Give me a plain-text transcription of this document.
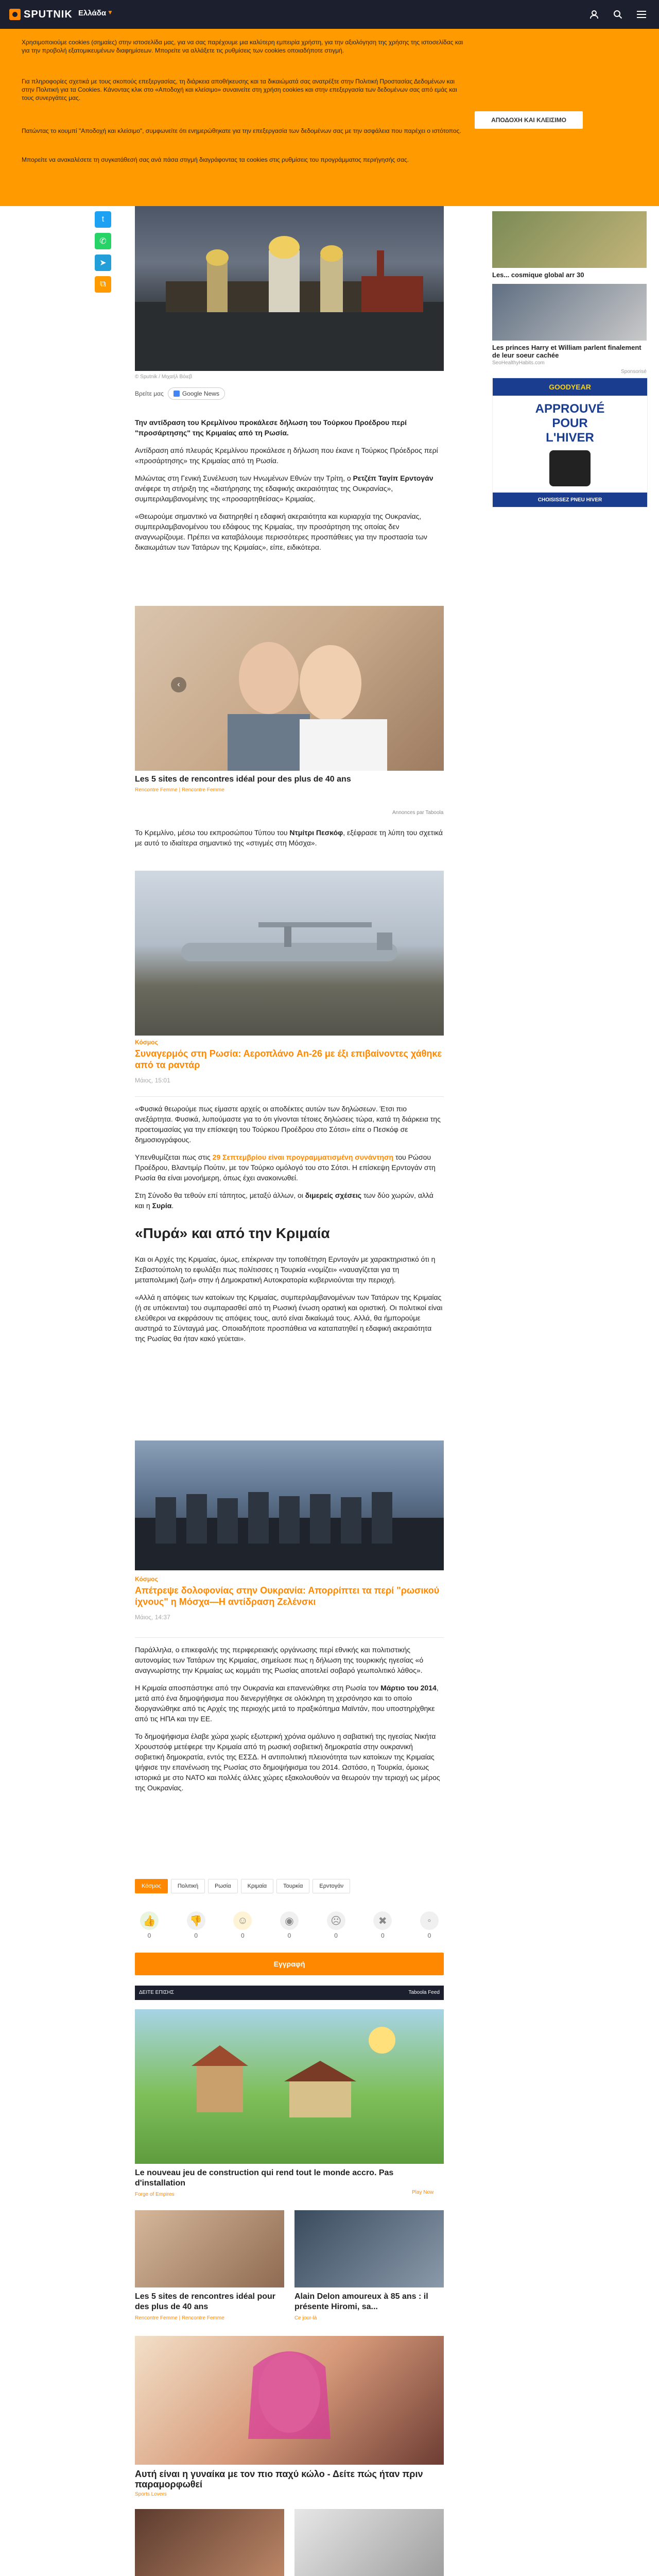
SPUTNIK Ελλάδα ▼

Χρησιμοποιούμε cookies (σημαίες) στην ιστοσελίδα μας, για να σας παρέχουμε μια καλύτερη εμπειρία χρήστη, για την αξιολόγηση της χρήσης της ιστοσελίδας και για την προβολή εξατομικευμένων διαφημίσεων. Μπορείτε να αλλάξετε τις ρυθμίσεις των cookies οποιαδήποτε στιγμή.

Για πληροφορίες σχετικά με τους σκοπούς επεξεργασίας, τη διάρκεια αποθήκευσης και τα δικαιώματά σας ανατρέξτε στην Πολιτική Προστασίας Δεδομένων και στην Πολιτική για τα Cookies. Κάνοντας κλικ στο «Αποδοχή και κλείσιμο» συναινείτε στη χρήση cookies και στην επεξεργασία των δεδομένων σας από εμάς και τους συνεργάτες μας.

Πατώντας το κουμπί "Αποδοχή και κλείσιμο", συμφωνείτε ότι ενημερώθηκατε για την επεξεργασία των δεδομένων σας με την ασφάλεια που παρέχει ο ιστότοπος.

Μπορείτε να ανακαλέσετε τη συγκατάθεσή σας ανά πάσα στιγμή διαγράφοντας τα cookies στις ρυθμίσεις του προγράμματος περιήγησής σας.

ΑΠΟΔΟΧΗ ΚΑΙ ΚΛΕΙΣΙΜΟ
t
✆
➤
⧉
© Sputnik / Μιχαήλ Βόιεβ
Βρείτε μας	Google News

Την αντίδραση του Κρεμλίνου προκάλεσε δήλωση του Τούρκου Προέδρου περί "προσάρτησης" της Κριμαίας από τη Ρωσία.

Αντίδραση από πλευράς Κρεμλίνου προκάλεσε η δήλωση που έκανε η Τούρκος Πρόεδρος περί «προσάρτησης» της Κριμαίας από τη Ρωσία.

Μιλώντας στη Γενική Συνέλευση των Ηνωμένων Εθνών την Τρίτη, ο Ρετζέπ Ταγίπ Ερντογάν ανέφερε τη στήριξη της «διατήρησης της εδαφικής ακεραιότητας της Ουκρανίας», συμπεριλαμβανομένης της «προσαρτηθείσας» Κριμαίας.

«Θεωρούμε σημαντικό να διατηρηθεί η εδαφική ακεραιότητα και κυριαρχία της Ουκρανίας, συμπεριλαμβανομένου του εδάφους της Κριμαίας, την προσάρτηση της οποίας δεν αναγνωρίζουμε. Πρέπει να καταβάλουμε περισσότερες προσπάθειες για την προστασία των δικαιωμάτων των Τατάρων της Κριμαίας», είπε, ειδικότερα.

‹
Les 5 sites de rencontres idéal pour des plus de 40 ans
Rencontre Femme | Rencontre Femme
Annonces par Taboola

Το Κρεμλίνο, μέσω του εκπροσώπου Τύπου του Ντμίτρι Πεσκόφ, εξέφρασε τη λύπη του σχετικά με αυτό το ιδιαίτερα σημαντικό της «στιγμές στη Μόσχα».

Κόσμος
Συναγερμός στη Ρωσία: Αεροπλάνο An-26 με έξι επιβαίνοντες χάθηκε από τα ραντάρ
Μάιος, 15:01

«Φυσικά θεωρούμε πως είμαστε αρχείς οι αποδέκτες αυτών των δηλώσεων. Έτσι πιο ανεξάρτητα. Φυσικά, λυπούμαστε για το ότι γίνονται τέτοιες δηλώσεις τώρα, κατά τη διάρκεια της προετοιμασίας για την επίσκεψη του Τούρκου Προέδρου στο Σότσι» είπε ο Πεσκόφ σε δημοσιογράφους.

Υπενθυμίζεται πως στις 29 Σεπτεμβρίου είναι προγραμματισμένη συνάντηση του Ρώσου Προέδρου, Βλαντιμίρ Πούτιν, με τον Τούρκο ομόλογό του στο Σότσι. Η επίσκεψη Ερντογάν στη Ρωσία θα είναι μονοήμερη, όπως έχει ανακοινωθεί.

Στη Σύνοδο θα τεθούν επί τάπητος, μεταξύ άλλων, οι διμερείς σχέσεις των δύο χωρών, αλλά και η Συρία.

«Πυρά» και από την Κριμαία

Και οι Αρχές της Κριμαίας, όμως, επέκριναν την τοποθέτηση Ερντογάν με χαρακτηριστικό ότι η Σεβαστούπολη το εφυλάξει πως πολίτισσες η Τουρκία «νομίζει» «ναυαγίζεται για τη μεταπολεμική ζωή» στην ή Δημοκρατική Αυτοκρατορία κυβερνιούνται την περιοχή.

«Αλλά η απόψεις των κατοίκων της Κριμαίας, συμπεριλαμβανομένων των Τατάρων της Κριμαίας (ή σε υπόκεινται) του συμπαρασθεί από τη Ρωσική ένωση ορατική και οριστική. Οι πολιτικοί είναι ελεύθεροι να εκφράσουν τις απόψεις τους, αυτό είναι δικαίωμά τους. Αλλά, θα ήμπορούμε αυστηρά το Σύνταγμά μας. Οποιαδήποτε προσπάθεια να καταπατηθεί η εδαφική ακεραιότητα της Ρωσίας θα ήταν κακό γεύεται».

Κόσμος
Απέτρεψε δολοφονίας στην Ουκρανία: Απορρίπτει τα περί "ρωσικού ίχνους" η Μόσχα—Η αντίδραση Ζελένσκι
Μάιος, 14:37

Παράλληλα, ο επικεφαλής της περιφερειακής οργάνωσης περί εθνικής και πολιτιστικής αυτονομίας των Τατάρων της Κριμαίας, σημείωσε πως η δήλωση της τουρκικής ηγεσίας «ό αναγνωρίστης την Κριμαίας ως κομμάτι της Ρωσίας αποτελεί σοβαρό γεωπολιτικό λάθος».

Η Κριμαία αποσπάστηκε από την Ουκρανία και επανενώθηκε στη Ρωσία τον Μάρτιο του 2014, μετά από ένα δημοψήφισμα που διενεργήθηκε σε ολόκληρη τη χερσόνησο και το οποίο διοργανώθηκε από τις Αρχές της περιοχής μετά το πραξικόπημα Μαϊντάν, που υποστηρίχθηκε από τις ΗΠΑ και την ΕΕ.

Το δημοψήφισμα έλαβε χώρα χωρίς εξωτερική χρόνια ομάλυνο η σαβιατική της ηγεσίας Νικήτα Χρουστσόφ μετέφερε την Κριμαία από τη ρωσική σοβιετική δημοκρατία στην ουκρανική σοβιετική δημοκρατία, εντός της ΕΣΣΔ. Η αντιπολιτική πλειονότητα των κατοίκων της Κριμαίας ψήφισε την επανένωση της Ρωσίας στο δημοψήφισμα του 2014. Ωστόσο, η Τουρκία, όμοιως ιστορικά με στο ΝΑΤΟ και πολλές άλλες χώρες εξακολουθούν να θεωρούν την τεριοχή ως μέρος της Ουκρανίας.

Κόσμος	Πολιτική	Ρωσία	Κριμαία	Τουρκία	Ερντογάν
👍
0
👎
0
☺
0
◉
0
☹
0
✖
0
◦
0
Εγγραφή
ΔΕΙΤΕ ΕΠΙΣΗΣ	Taboola Feed
Le nouveau jeu de construction qui rend tout le monde accro. Pas d'installation
Forge of Empires	Play Now
Les 5 sites de rencontres idéal pour des plus de 40 ans
Rencontre Femme | Rencontre Femme
Alain Delon amoureux à 85 ans : il présente Hiromi, sa...
Ce jour-là
Αυτή είναι η γυναίκα με τον πιο παχύ κώλο - Δείτε πώς ήταν πριν παραμορφωθεί
Sports Lovers
Les... cosmique global arr 30
Les princes Harry et William parlent finalement de leur soeur cachée
SeoHealthyHabits.com
Sponsorisé
GOODYEAR
APPROUVÉ
POUR
L'HIVER
CHOISISSEZ PNEU HIVER
